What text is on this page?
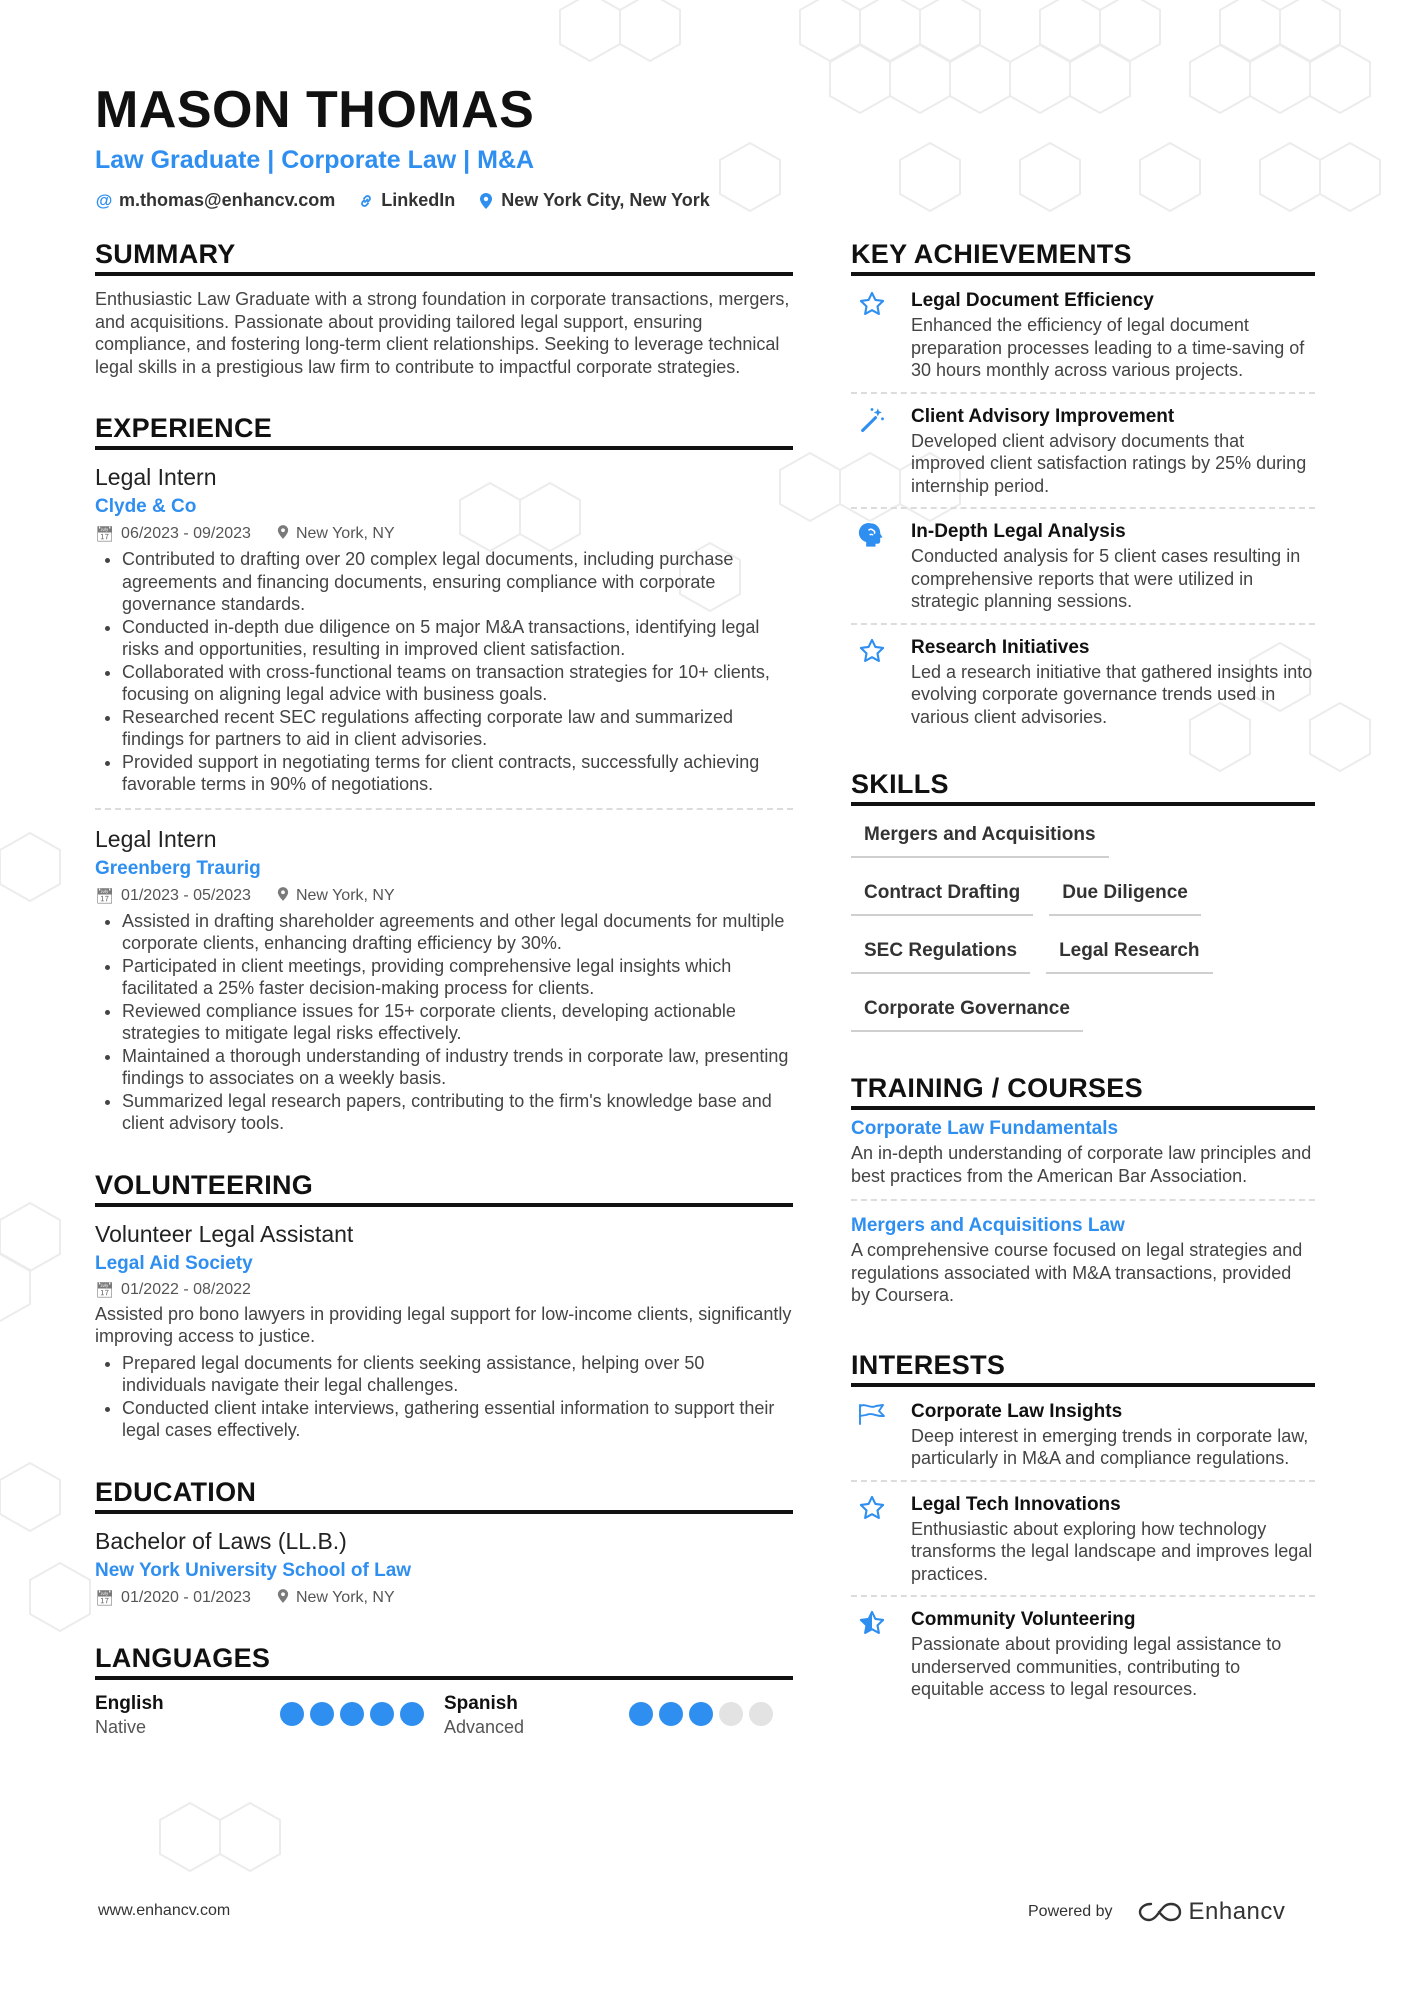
MASON THOMAS
Law Graduate | Corporate Law | M&A
@ m.thomas@enhancv.com	LinkedIn	New York City, New York
SUMMARY

Enthusiastic Law Graduate with a strong foundation in corporate transactions, mergers, and acquisitions. Passionate about providing tailored legal support, ensuring compliance, and fostering long-term client relationships. Seeking to leverage technical legal skills in a prestigious law firm to contribute to impactful corporate strategies.

EXPERIENCE
Legal Intern
Clyde & Co
📅︎ 06/2023 - 09/2023	New York, NY
• Contributed to drafting over 20 complex legal documents, including purchase agreements and financing documents, ensuring compliance with corporate governance standards.
• Conducted in-depth due diligence on 5 major M&A transactions, identifying legal risks and opportunities, resulting in improved client satisfaction.
• Collaborated with cross-functional teams on transaction strategies for 10+ clients, focusing on aligning legal advice with business goals.
• Researched recent SEC regulations affecting corporate law and summarized findings for partners to aid in client advisories.
• Provided support in negotiating terms for client contracts, successfully achieving favorable terms in 90% of negotiations.
Legal Intern
Greenberg Traurig
📅︎ 01/2023 - 05/2023	New York, NY
• Assisted in drafting shareholder agreements and other legal documents for multiple corporate clients, enhancing drafting efficiency by 30%.
• Participated in client meetings, providing comprehensive legal insights which facilitated a 25% faster decision-making process for clients.
• Reviewed compliance issues for 15+ corporate clients, developing actionable strategies to mitigate legal risks effectively.
• Maintained a thorough understanding of industry trends in corporate law, presenting findings to associates on a weekly basis.
• Summarized legal research papers, contributing to the firm's knowledge base and client advisory tools.
VOLUNTEERING
Volunteer Legal Assistant
Legal Aid Society
📅︎ 01/2022 - 08/2022

Assisted pro bono lawyers in providing legal support for low-income clients, significantly improving access to justice.

• Prepared legal documents for clients seeking assistance, helping over 50 individuals navigate their legal challenges.
• Conducted client intake interviews, gathering essential information to support their legal cases effectively.
EDUCATION
Bachelor of Laws (LL.B.)
New York University School of Law
📅︎ 01/2020 - 01/2023	New York, NY
LANGUAGES
English
Native
Spanish
Advanced
KEY ACHIEVEMENTS
Legal Document Efficiency

Enhanced the efficiency of legal document preparation processes leading to a time-saving of 30 hours monthly across various projects.

Client Advisory Improvement

Developed client advisory documents that improved client satisfaction ratings by 25% during internship period.

In-Depth Legal Analysis

Conducted analysis for 5 client cases resulting in comprehensive reports that were utilized in strategic planning sessions.

Research Initiatives

Led a research initiative that gathered insights into evolving corporate governance trends used in various client advisories.

SKILLS
Mergers and Acquisitions
Contract Drafting	Due Diligence
SEC Regulations	Legal Research
Corporate Governance
TRAINING / COURSES
Corporate Law Fundamentals

An in-depth understanding of corporate law principles and best practices from the American Bar Association.

Mergers and Acquisitions Law

A comprehensive course focused on legal strategies and regulations associated with M&A transactions, provided by Coursera.

INTERESTS
Corporate Law Insights

Deep interest in emerging trends in corporate law, particularly in M&A and compliance regulations.

Legal Tech Innovations

Enthusiastic about exploring how technology transforms the legal landscape and improves legal practices.

Community Volunteering

Passionate about providing legal assistance to underserved communities, contributing to equitable access to legal resources.

www.enhancv.com	Powered by	Enhancv
